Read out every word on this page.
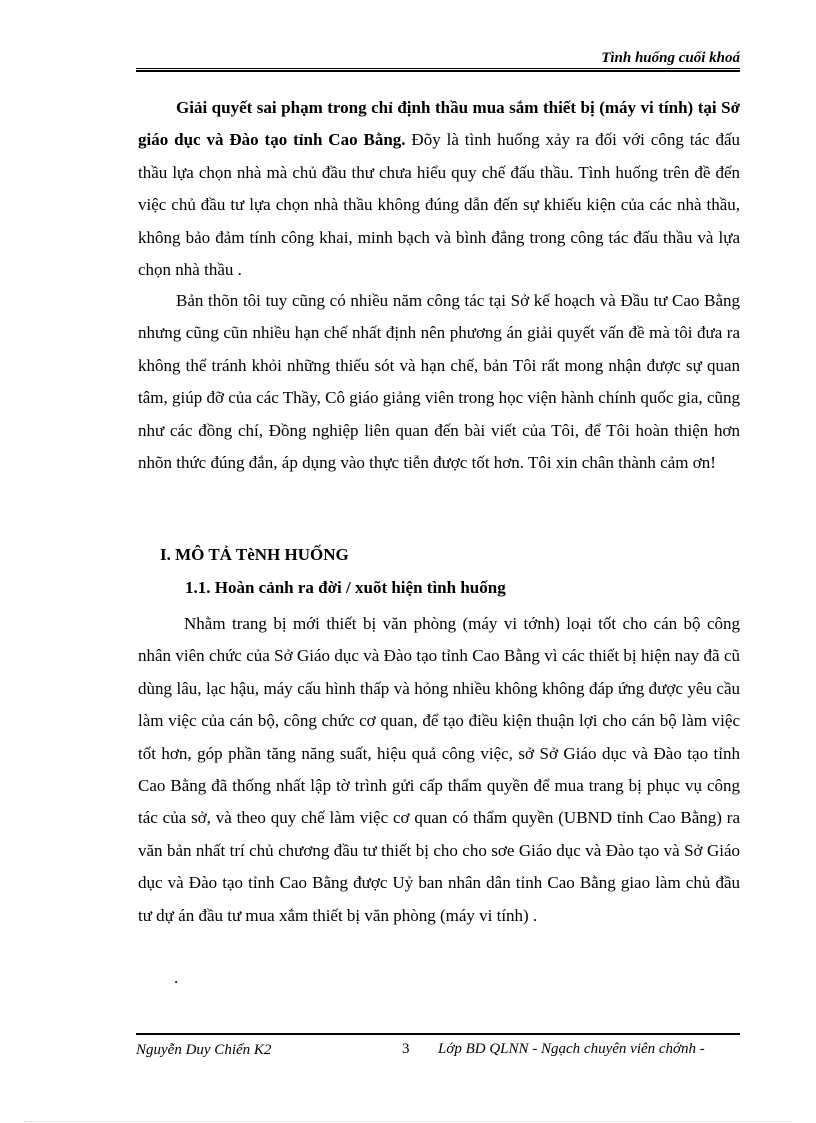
Tình huống cuối khoá

Giải quyết sai phạm trong chỉ định thầu mua sắm thiết bị (máy vi tính) tại Sở giáo dục và Đào tạo tỉnh Cao Bằng. Đõy là tình huống xảy ra đối với công tác đấu thầu lựa chọn nhà mà chủ đầu thư chưa hiểu quy chế đấu thầu. Tình huống trên đề đến việc chủ đầu tư lựa chọn nhà thầu không đúng dẫn đến sự khiếu kiện của các nhà thầu, không bảo đảm tính công khai, minh bạch và bình đẳng trong công tác đấu thầu và lựa chọn nhà thầu .

Bản thõn tôi tuy cũng có nhiều năm công tác tại Sở kế hoạch và Đầu tư Cao Bằng nhưng cũng cũn nhiều hạn chế nhất định nên phương án giải quyết vấn đề mà tôi đưa ra không thể tránh khỏi những thiếu sót và hạn chế, bản Tôi rất mong nhận được sự quan tâm, giúp đỡ của các Thầy, Cô giáo giảng viên trong học viện hành chính quốc gia, cũng như các đồng chí, Đồng nghiệp liên quan đến bài viết của Tôi, để Tôi hoàn thiện hơn nhõn thức đúng đắn, áp dụng vào thực tiễn được tốt hơn. Tôi xin chân thành cảm ơn!

I. MÔ TẢ TèNH HUỐNG
1.1. Hoàn cảnh ra đời / xuõt hiện tình huống

Nhằm trang bị mới thiết bị văn phòng (máy vi tớnh) loại tốt cho cán bộ công nhân viên chức của Sở Giáo dục và Đào tạo tỉnh Cao Bằng vì các thiết bị hiện nay đã cũ dùng lâu, lạc hậu, máy cấu hình thấp và hỏng nhiều không không đáp ứng được yêu cầu làm việc của cán bộ, công chức cơ quan, để tạo điều kiện thuận lợi cho cán bộ làm việc tốt hơn, góp phần tăng năng suất, hiệu quả công việc, sở Sở Giáo dục và Đào tạo tỉnh Cao Bằng đã thống nhất lập tờ trình gửi cấp thẩm quyền để mua trang bị phục vụ công tác của sở, và theo quy chế làm việc cơ quan có thẩm quyền (UBND tỉnh Cao Bằng) ra văn bản nhất trí chủ chương đầu tư thiết bị cho cho sơe Giáo dục và Đào tạo và Sở Giáo dục và Đào tạo tỉnh Cao Bằng được Uỷ ban nhân dân tỉnh Cao Bằng giao làm chủ đầu tư dự án đầu tư mua xắm thiết bị văn phòng (máy vi tính) .

.
Nguyễn Duy Chiến K2	3 Lớp BD QLNN - Ngạch chuyên viên chớnh -
